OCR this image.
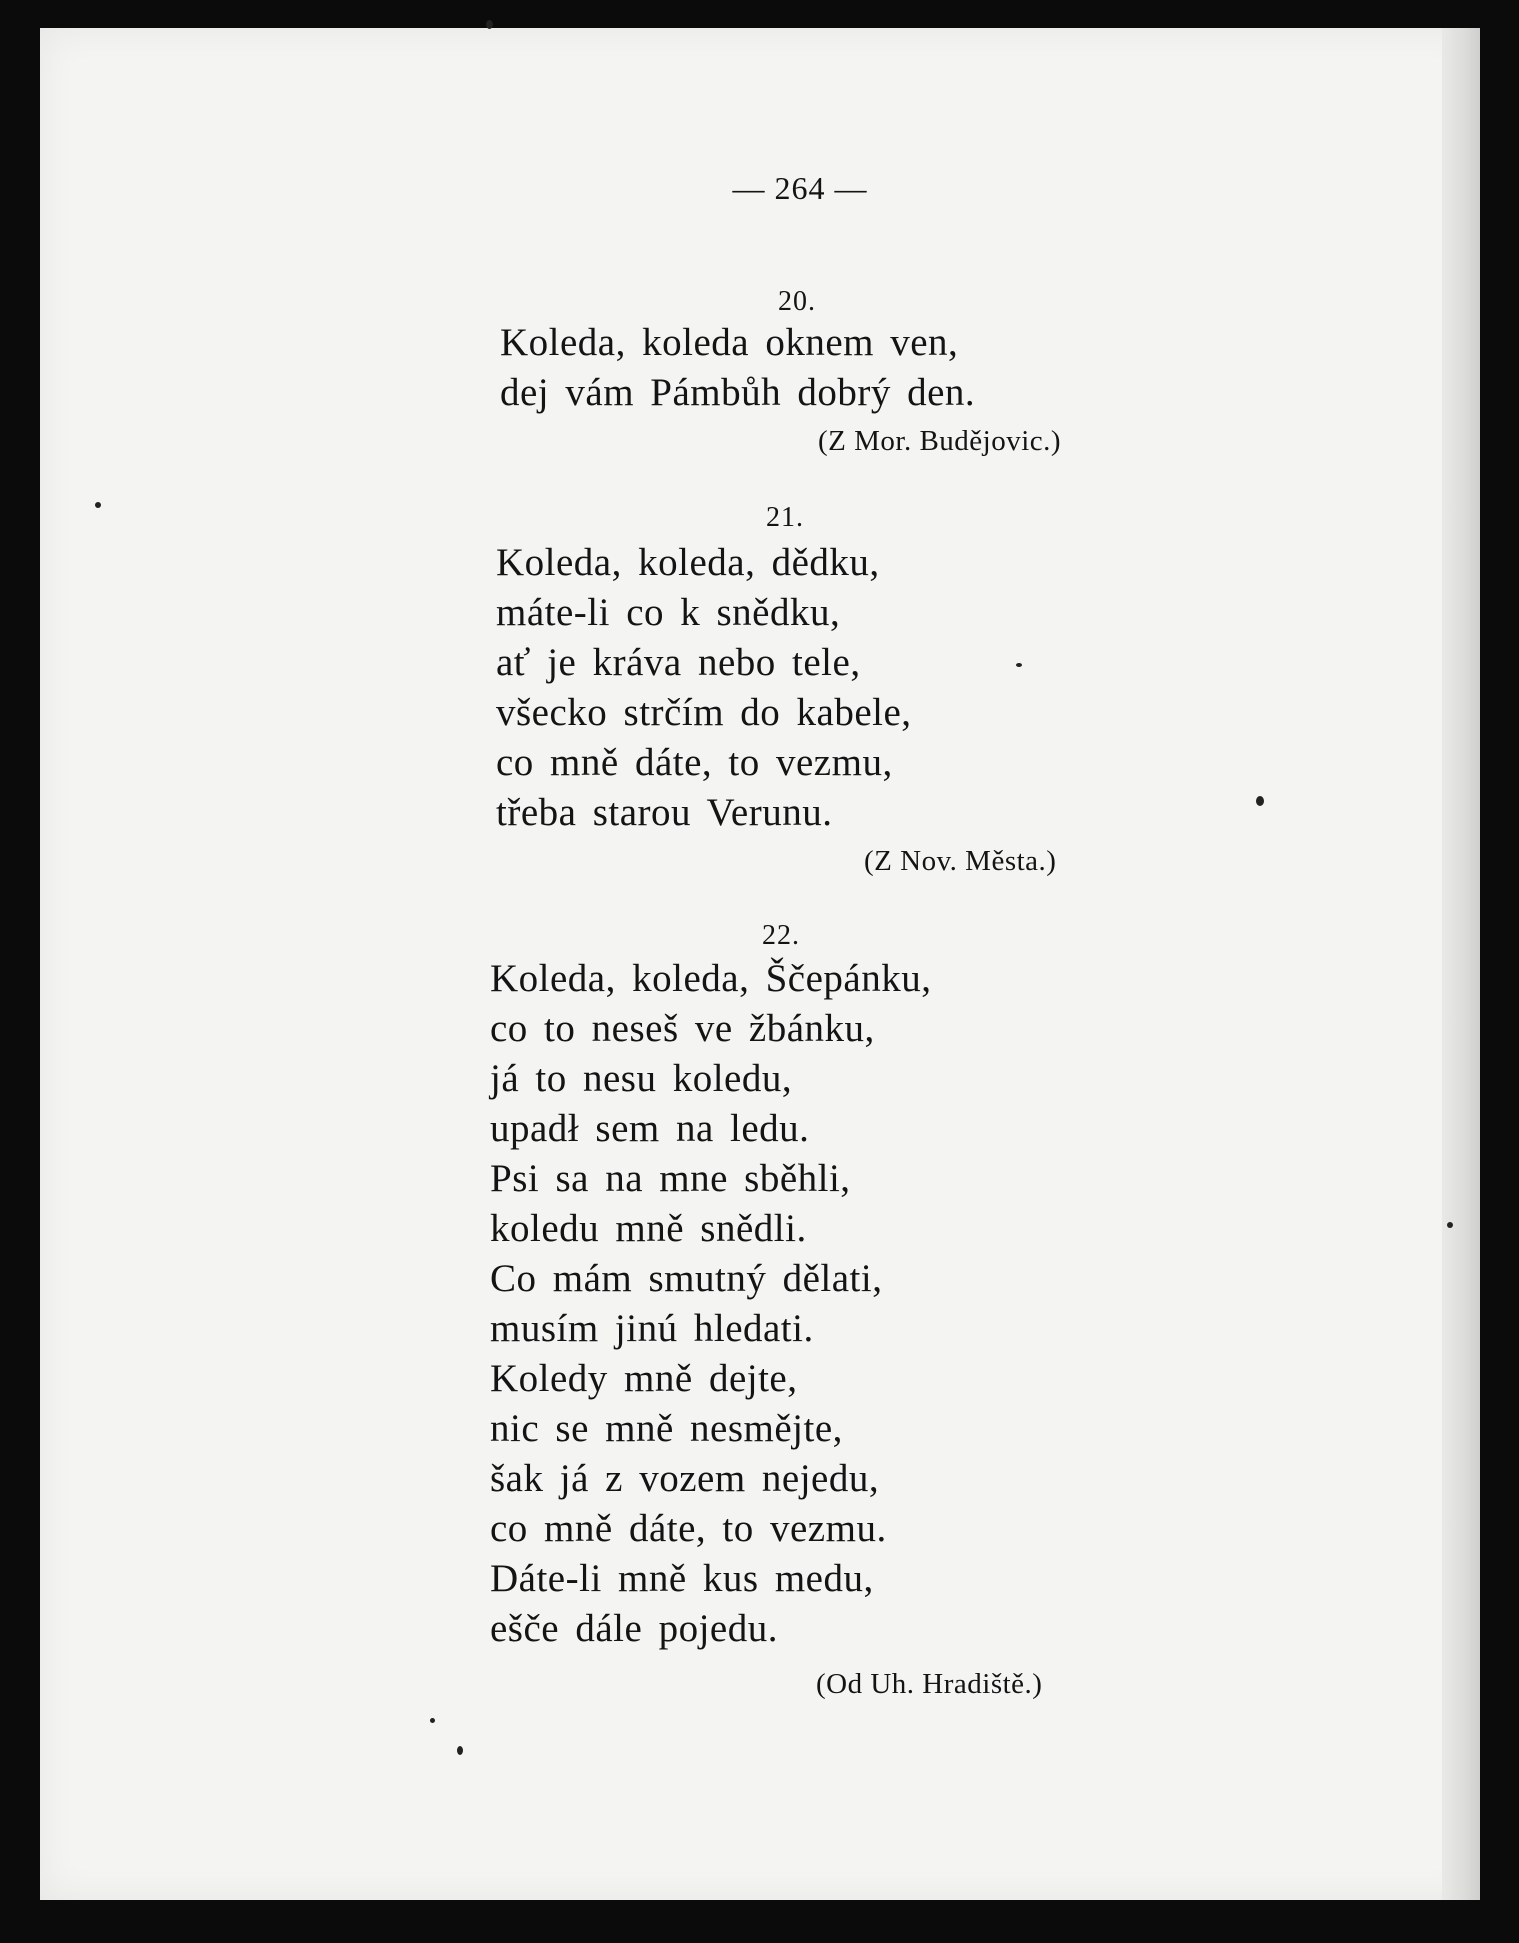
— 264 —
20.
Koleda, koleda oknem ven,
dej vám Pámbůh dobrý den.
(Z Mor. Budějovic.)
21.
Koleda, koleda, dědku,
máte-li co k snědku,
ať je kráva nebo tele,
všecko strčím do kabele,
co mně dáte, to vezmu,
třeba starou Verunu.
(Z Nov. Města.)
22.
Koleda, koleda, Ščepánku,
co to neseš ve žbánku,
já to nesu koledu,
upadł sem na ledu.
Psi sa na mne sběhli,
koledu mně snědli.
Co mám smutný dělati,
musím jinú hledati.
Koledy mně dejte,
nic se mně nesmějte,
šak já z vozem nejedu,
co mně dáte, to vezmu.
Dáte-li mně kus medu,
ešče dále pojedu.
(Od Uh. Hradiště.)
